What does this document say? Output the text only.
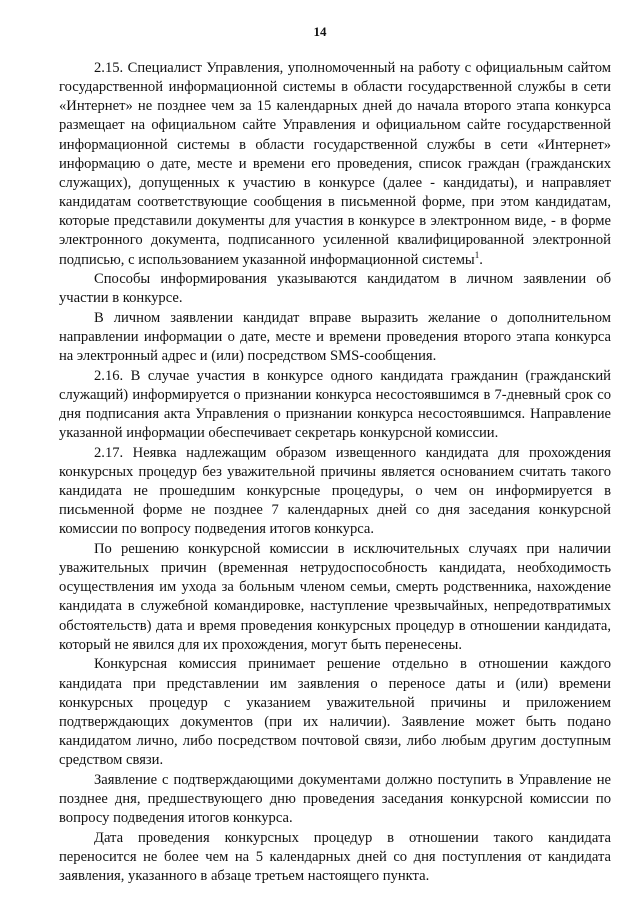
14

2.15. Специалист Управления, уполномоченный на работу с официальным сайтом государственной информационной системы в области государственной службы в сети «Интернет» не позднее чем за 15 календарных дней до начала второго этапа конкурса размещает на официальном сайте Управления и официальном сайте государственной информационной системы в области государственной службы в сети «Интернет» информацию о дате, месте и времени его проведения, список граждан (гражданских служащих), допущенных к участию в конкурсе (далее - кандидаты), и направляет кандидатам соответствующие сообщения в письменной форме, при этом кандидатам, которые представили документы для участия в конкурсе в электронном виде, - в форме электронного документа, подписанного усиленной квалифицированной электронной подписью, с использованием указанной информационной системы$^1$.

Способы информирования указываются кандидатом в личном заявлении об участии в конкурсе.

В личном заявлении кандидат вправе выразить желание о дополнительном направлении информации о дате, месте и времени проведения второго этапа конкурса на электронный адрес и (или) посредством SMS-сообщения.

2.16. В случае участия в конкурсе одного кандидата гражданин (гражданский служащий) информируется о признании конкурса несостоявшимся в 7-дневный срок со дня подписания акта Управления о признании конкурса несостоявшимся. Направление указанной информации обеспечивает секретарь конкурсной комиссии.

2.17. Неявка надлежащим образом извещенного кандидата для прохождения конкурсных процедур без уважительной причины является основанием считать такого кандидата не прошедшим конкурсные процедуры, о чем он информируется в письменной форме не позднее 7 календарных дней со дня заседания конкурсной комиссии по вопросу подведения итогов конкурса.

По решению конкурсной комиссии в исключительных случаях при наличии уважительных причин (временная нетрудоспособность кандидата, необходимость осуществления им ухода за больным членом семьи, смерть родственника, нахождение кандидата в служебной командировке, наступление чрезвычайных, непредотвратимых обстоятельств) дата и время проведения конкурсных процедур в отношении кандидата, который не явился для их прохождения, могут быть перенесены.

Конкурсная комиссия принимает решение отдельно в отношении каждого кандидата при представлении им заявления о переносе даты и (или) времени конкурсных процедур с указанием уважительной причины и приложением подтверждающих документов (при их наличии). Заявление может быть подано кандидатом лично, либо посредством почтовой связи, либо любым другим доступным средством связи.

Заявление с подтверждающими документами должно поступить в Управление не позднее дня, предшествующего дню проведения заседания конкурсной комиссии по вопросу подведения итогов конкурса.

Дата проведения конкурсных процедур в отношении такого кандидата переносится не более чем на 5 календарных дней со дня поступления от кандидата заявления, указанного в абзаце третьем настоящего пункта.
